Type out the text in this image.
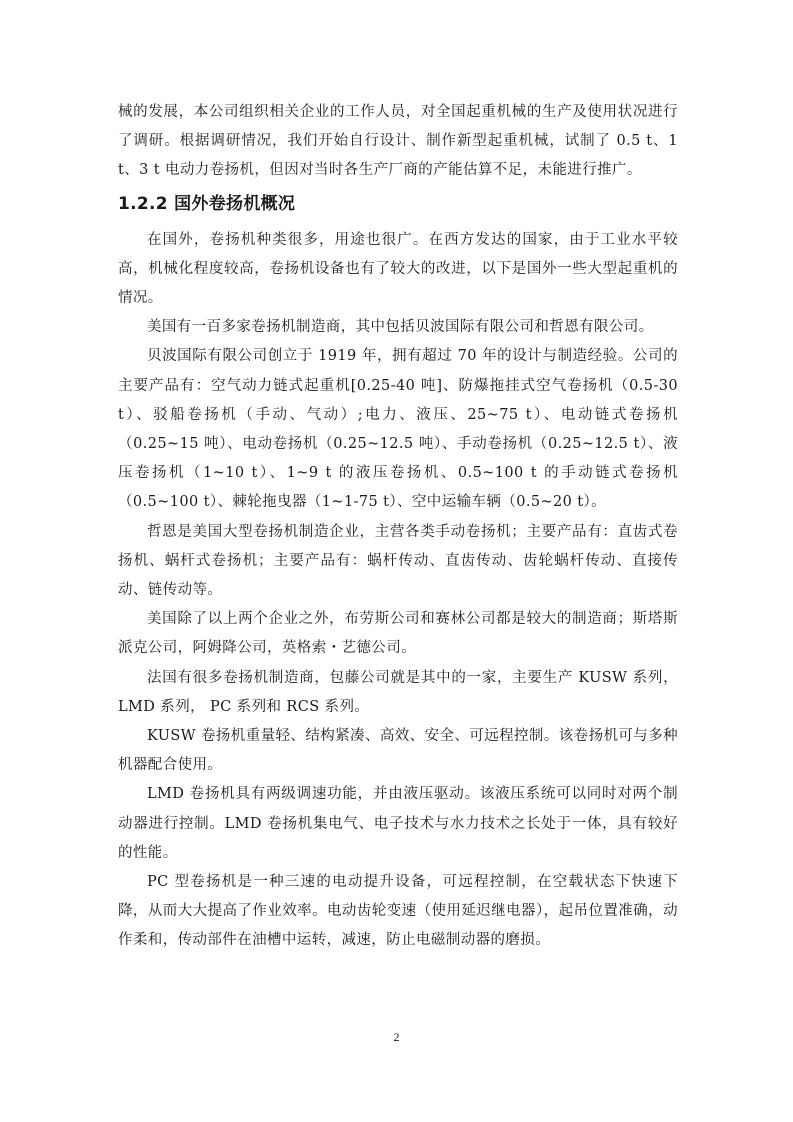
械的发展，本公司组织相关企业的工作人员，对全国起重机械的生产及使用状况进行了调研。根据调研情况，我们开始自行设计、制作新型起重机械，试制了 0.5 t、1 t、3 t 电动力卷扬机，但因对当时各生产厂商的产能估算不足，未能进行推广。

1.2.2 国外卷扬机概况

在国外，卷扬机种类很多，用途也很广。在西方发达的国家，由于工业水平较高，机械化程度较高，卷扬机设备也有了较大的改进，以下是国外一些大型起重机的情况。

美国有一百多家卷扬机制造商，其中包括贝波国际有限公司和哲恩有限公司。

贝波国际有限公司创立于 1919 年，拥有超过 70 年的设计与制造经验。公司的主要产品有：空气动力链式起重机[0.25-40 吨]、防爆拖挂式空气卷扬机（0.5-30 t）、驳船卷扬机（手动、气动）;电力、液压、25~75 t）、电动链式卷扬机（0.25~15 吨）、电动卷扬机（0.25~12.5 吨）、手动卷扬机（0.25~12.5 t）、液压卷扬机（1~10 t）、1~9 t 的液压卷扬机、0.5~100 t 的手动链式卷扬机（0.5~100 t）、棘轮拖曳器（1~1-75 t）、空中运输车辆（0.5~20 t）。

哲恩是美国大型卷扬机制造企业，主营各类手动卷扬机；主要产品有：直齿式卷扬机、蜗杆式卷扬机；主要产品有：蜗杆传动、直齿传动、齿轮蜗杆传动、直接传动、链传动等。

美国除了以上两个企业之外，布劳斯公司和赛林公司都是较大的制造商；斯塔斯派克公司，阿姆降公司，英格索・艺德公司。

法国有很多卷扬机制造商，包藤公司就是其中的一家，主要生产 KUSW 系列，LMD 系列， PC 系列和 RCS 系列。

KUSW 卷扬机重量轻、结构紧凑、高效、安全、可远程控制。该卷扬机可与多种机器配合使用。

LMD 卷扬机具有两级调速功能，并由液压驱动。该液压系统可以同时对两个制动器进行控制。LMD 卷扬机集电气、电子技术与水力技术之长处于一体，具有较好的性能。

PC 型卷扬机是一种三速的电动提升设备，可远程控制，在空载状态下快速下降，从而大大提高了作业效率。电动齿轮变速（使用延迟继电器），起吊位置准确，动作柔和，传动部件在油槽中运转，减速，防止电磁制动器的磨损。

2
